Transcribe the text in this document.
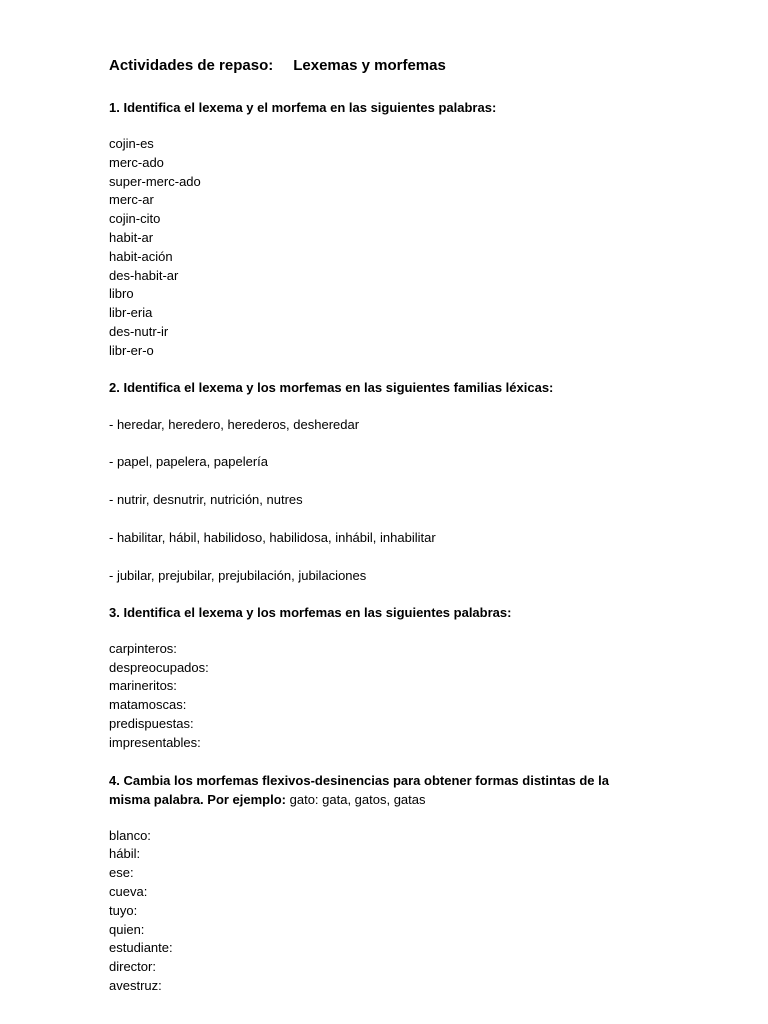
Actividades de repaso: Lexemas y morfemas

1. Identifica el lexema y el morfema en las siguientes palabras:

cojin-es
merc-ado
super-merc-ado
merc-ar
cojin-cito
habit-ar
habit-ación
des-habit-ar
libro
libr-eria
des-nutr-ir
libr-er-o

2. Identifica el lexema y los morfemas en las siguientes familias léxicas:

- heredar, heredero, herederos, desheredar
- papel, papelera, papelería
- nutrir, desnutrir, nutrición, nutres
- habilitar, hábil, habilidoso, habilidosa, inhábil, inhabilitar
- jubilar, prejubilar, prejubilación, jubilaciones

3. Identifica el lexema y los morfemas en las siguientes palabras:

carpinteros:
despreocupados:
marineritos:
matamoscas:
predispuestas:
impresentables:

4. Cambia los morfemas flexivos-desinencias para obtener formas distintas de la
misma palabra. Por ejemplo: gato: gata, gatos, gatas

blanco:
hábil:
ese:
cueva:
tuyo:
quien:
estudiante:
director:
avestruz:
